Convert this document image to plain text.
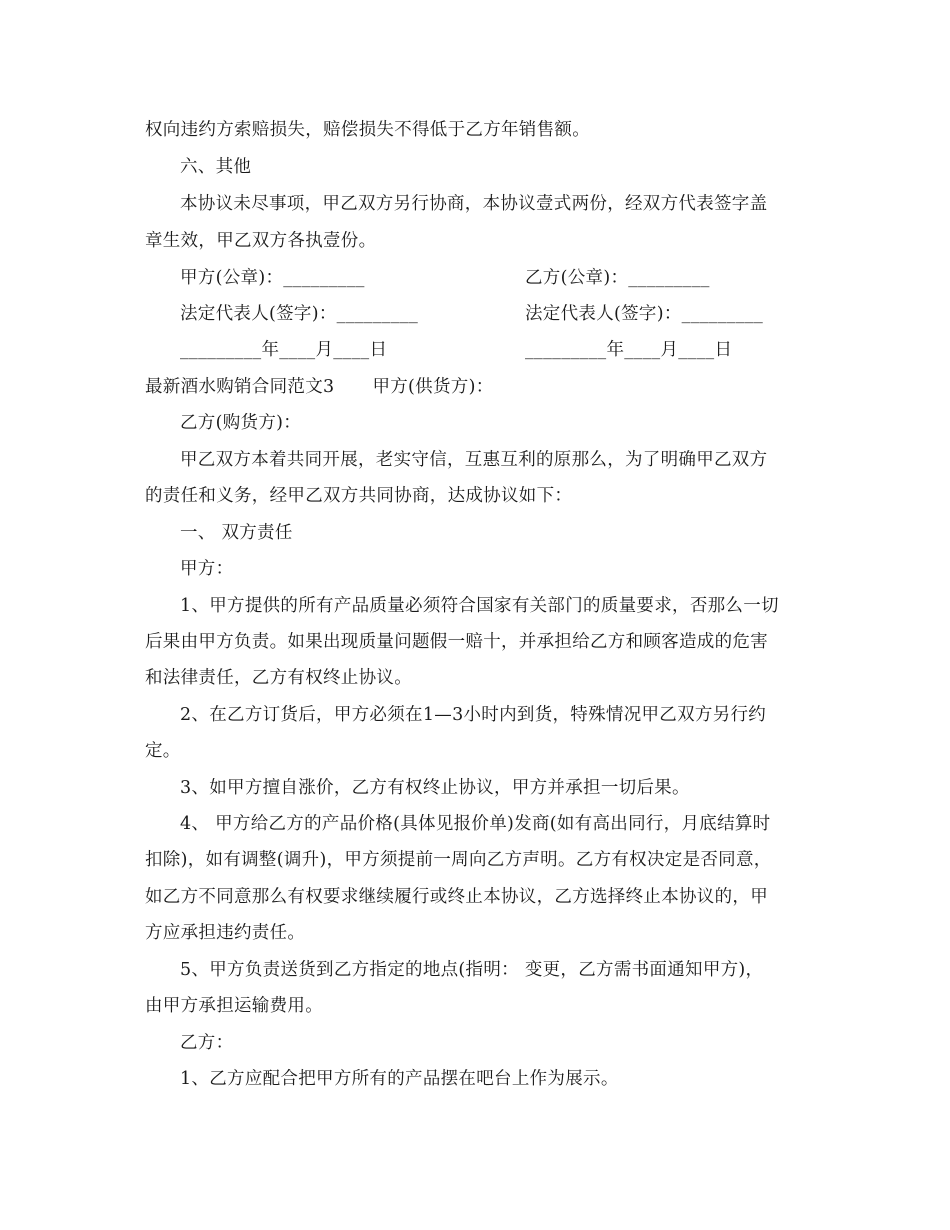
权向违约方索赔损失，赔偿损失不得低于乙方年销售额。
六、其他
本协议未尽事项，甲乙双方另行协商，本协议壹式两份，经双方代表签字盖
章生效，甲乙双方各执壹份。
甲方(公章)：_________	乙方(公章)：_________
法定代表人(签字)：_________	法定代表人(签字)：_________
_________年____月____日	_________年____月____日
最新酒水购销合同范文3 甲方(供货方)：
乙方(购货方)：
甲乙双方本着共同开展，老实守信，互惠互利的原那么，为了明确甲乙双方
的责任和义务，经甲乙双方共同协商，达成协议如下：
一、 双方责任
甲方：
1、甲方提供的所有产品质量必须符合国家有关部门的质量要求，否那么一切
后果由甲方负责。如果出现质量问题假一赔十，并承担给乙方和顾客造成的危害
和法律责任，乙方有权终止协议。
2、在乙方订货后，甲方必须在1—3小时内到货，特殊情况甲乙双方另行约
定。
3、如甲方擅自涨价，乙方有权终止协议，甲方并承担一切后果。
4、 甲方给乙方的产品价格(具体见报价单)发商(如有高出同行，月底结算时
扣除)，如有调整(调升)，甲方须提前一周向乙方声明。乙方有权决定是否同意，
如乙方不同意那么有权要求继续履行或终止本协议，乙方选择终止本协议的，甲
方应承担违约责任。
5、甲方负责送货到乙方指定的地点(指明： 变更，乙方需书面通知甲方)，
由甲方承担运输费用。
乙方：
1、乙方应配合把甲方所有的产品摆在吧台上作为展示。
